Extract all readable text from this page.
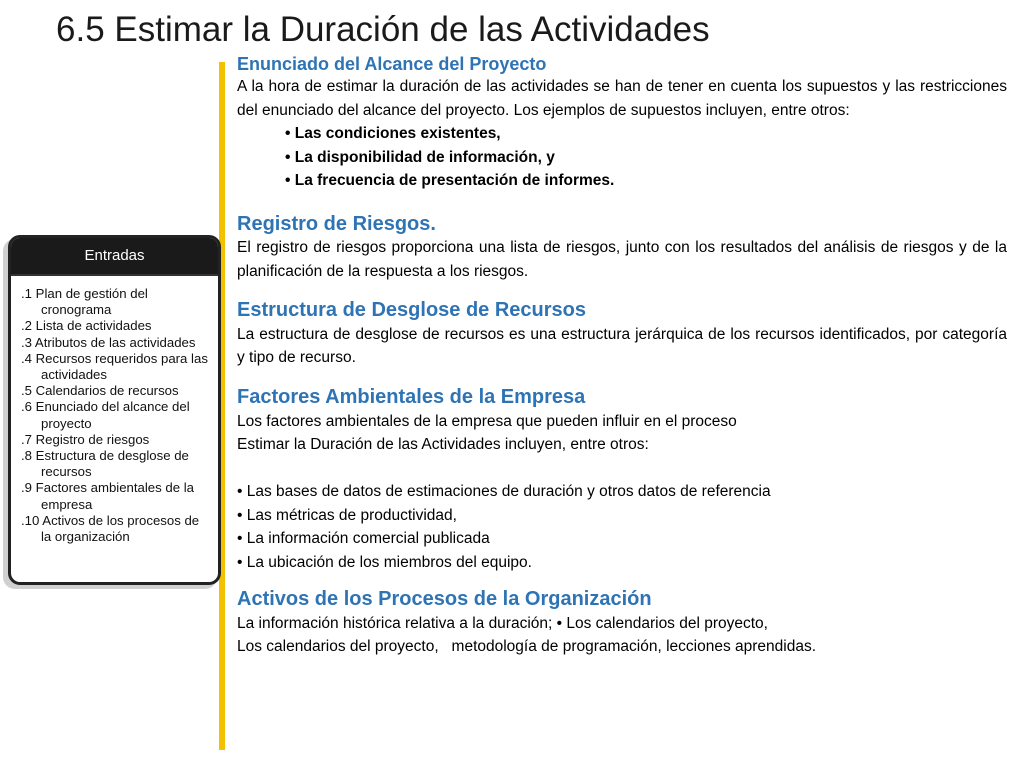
6.5 Estimar la Duración de las Actividades
Entradas
.1 Plan de gestión del cronograma
.2 Lista de actividades
.3 Atributos de las actividades
.4 Recursos requeridos para las actividades
.5 Calendarios de recursos
.6 Enunciado del alcance del proyecto
.7 Registro de riesgos
.8 Estructura de desglose de recursos
.9 Factores ambientales de la empresa
.10 Activos de los procesos de la organización
Enunciado del Alcance del Proyecto

A la hora de estimar la duración de las actividades se han de tener en cuenta los supuestos y las restricciones del enunciado del alcance del proyecto. Los ejemplos de supuestos incluyen, entre otros:

• Las condiciones existentes,

• La disponibilidad de información, y

• La frecuencia de presentación de informes.

Registro de Riesgos.

El registro de riesgos proporciona una lista de riesgos, junto con los resultados del análisis de riesgos y de la planificación de la respuesta a los riesgos.

Estructura de Desglose de Recursos

La estructura de desglose de recursos es una estructura jerárquica de los recursos identificados, por categoría y tipo de recurso.

Factores Ambientales de la Empresa

Los factores ambientales de la empresa que pueden influir en el proceso

Estimar la Duración de las Actividades incluyen, entre otros:

• Las bases de datos de estimaciones de duración y otros datos de referencia

• Las métricas de productividad,

• La información comercial publicada

• La ubicación de los miembros del equipo.

Activos de los Procesos de la Organización

La información histórica relativa a la duración; • Los calendarios del proyecto,

Los calendarios del proyecto,   metodología de programación, lecciones aprendidas.
